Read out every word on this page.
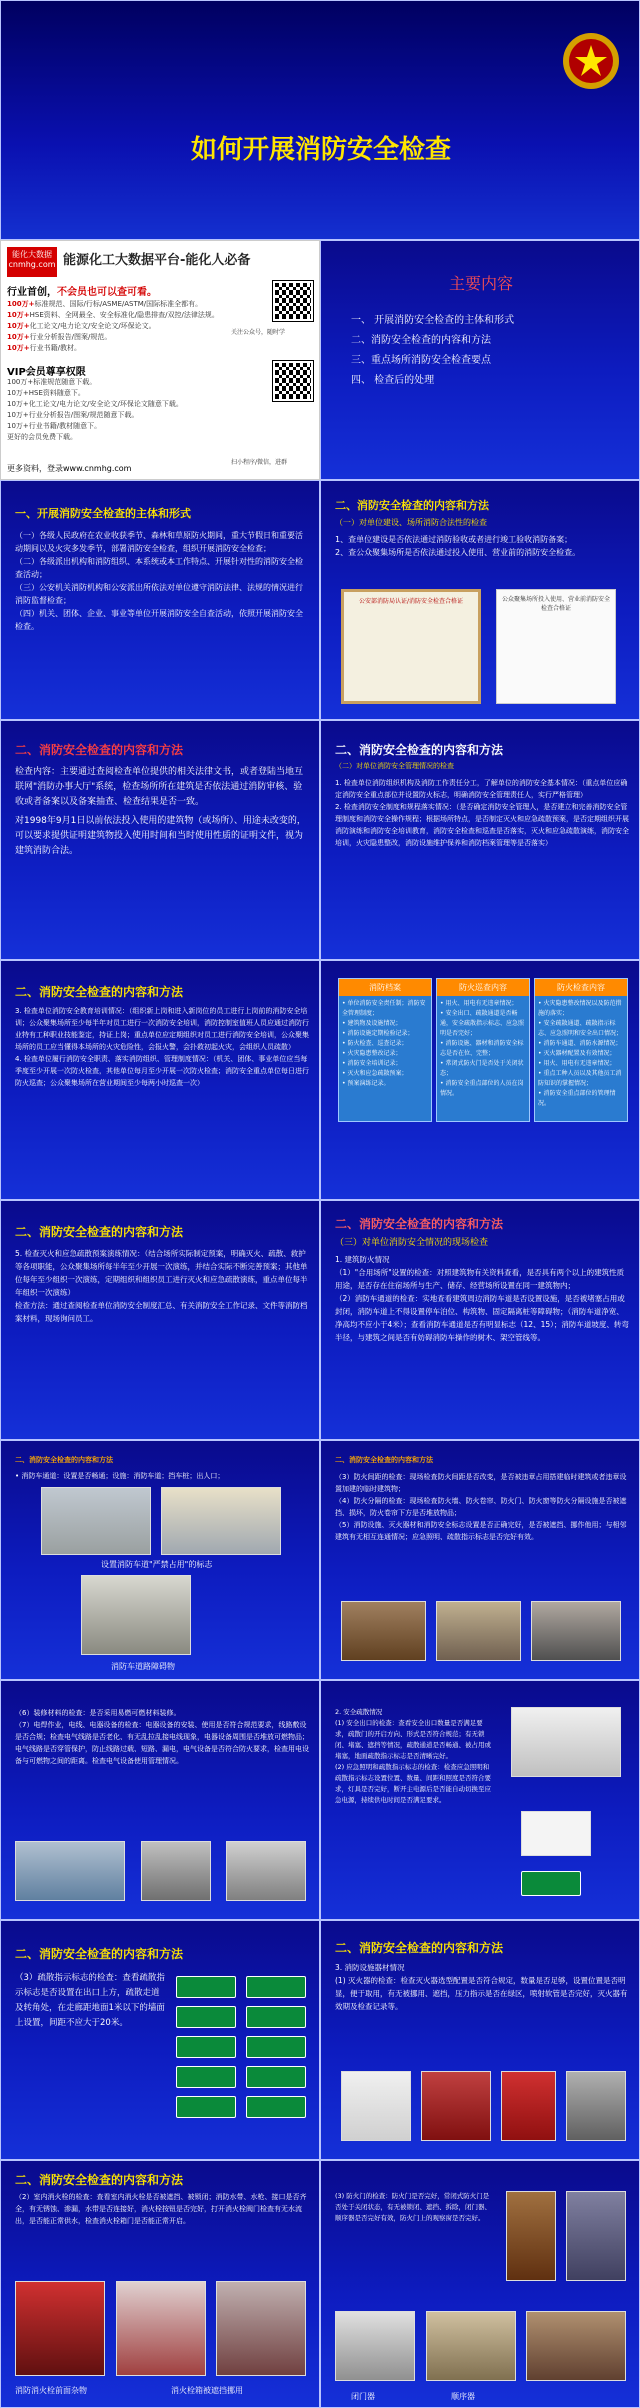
如何开展消防安全检查
能化大数据
cnmhg.com 能源化工大数据平台-能化人必备
行业首创，不会员也可以查可看。
100万+标准规范、国际/行标/ASME/ASTM/国际标准全都有。
10万+HSE资料、全网最全、安全标准化/隐患排查/双控/法律法规。
10万+化工论文/电力论文/安全论文/环保论文。
10万+行业分析报告/图案/规范。
10万+行业书籍/教材。
VIP会员尊享权限
100万+标准规范随意下载。
10万+HSE资料随意下。
10万+化工论文/电力论文/安全论文/环保论文随意下载。
10万+行业分析报告/图案/规范随意下载。
10万+行业书籍/教材随意下。
更好的会员免费下载。
关注公众号，随时学
扫小程序/微信，进群
更多资料，登录www.cnmhg.com
主要内容
一、 开展消防安全检查的主体和形式
二、消防安全检查的内容和方法
三、重点场所消防安全检查要点
四、 检查后的处理
一、开展消防安全检查的主体和形式

（一）各级人民政府在农业收获季节、森林和草原防火期间，重大节假日和重要活动期间以及火灾多发季节，部署消防安全检查，组织开展消防安全检查；

（二）各级派出机构和消防组织、本系统或本工作特点、开展针对性的消防安全检查活动；

（三）公安机关消防机构和公安派出所依法对单位遵守消防法律、法规的情况进行消防监督检查；

（四）机关、团体、企业、事业等单位开展消防安全自查活动，依照开展消防安全检查。

二、消防安全检查的内容和方法
（一）对单位建设、场所消防合法性的检查

1、查单位建设是否依法通过消防验收或者进行竣工验收消防备案；

2、查公众聚集场所是否依法通过投入使用、营业前的消防安全检查。

公安部消防局认证/消防安全检查合格证	公众聚集场所投入使用、营业前消防安全检查合格证
二、消防安全检查的内容和方法

检查内容：主要通过查阅检查单位提供的相关法律文书，或者登陆当地互联网"消防办事大厅"系统，检查场所所在建筑是否依法通过消防审核、验收或者备案以及备案抽查、检查结果是否一致。

对1998年9月1日以前依法投入使用的建筑物（或场所）、用途未改变的，可以要求提供证明建筑物投入使用时间和当时使用性质的证明文件，视为建筑消防合法。

二、消防安全检查的内容和方法
（二）对单位消防安全管理情况的检查

1. 检查单位消防组织机构及消防工作责任分工，了解单位的消防安全基本情况：（重点单位应确定消防安全重点部位并设置防火标志，明确消防安全管理责任人，实行严格管理）

2. 检查消防安全制度和规程落实情况：（是否确定消防安全管理人，是否建立和完善消防安全管理制度和消防安全操作规程；根据场所特点，是否制定灭火和应急疏散预案，是否定期组织开展消防演练和消防安全培训教育，消防安全检查和巡查是否落实，灭火和应急疏散演练，消防安全培训，火灾隐患整改，消防设施维护保养和消防档案管理等是否落实）

二、消防安全检查的内容和方法

3. 检查单位消防安全教育培训情况：（组织新上岗和进入新岗位的员工进行上岗前的消防安全培训；公众聚集场所至少每半年对员工进行一次消防安全培训，消防控制室值班人员应通过消防行业特有工种职业技能鉴定，持证上岗；重点单位应定期组织对员工进行消防安全培训，公众聚集场所的员工应当懂得本场所的火灾危险性，会报火警，会扑救初起火灾，会组织人员疏散）

4. 检查单位履行消防安全职责、落实消防组织、管理制度情况：（机关、团体、事业单位应当每季度至少开展一次防火检查，其他单位每月至少开展一次防火检查；消防安全重点单位每日进行防火巡查；公众聚集场所在营业期间至少每两小时巡查一次）

消防档案
• 单位消防安全责任制；消防安全管理制度；
• 建筑物及设施情况；
• 消防设施定期检验记录；
• 防火检查、巡查记录；
• 火灾隐患整改记录；
• 消防安全培训记录；
• 灭火和应急疏散预案；
• 预案演练记录。
防火巡查内容
• 用火、用电有无违章情况；
• 安全出口、疏散通道是否畅通，安全疏散指示标志、应急照明是否完好；
• 消防设施、器材和消防安全标志是否在位、完整；
• 常闭式防火门是否处于关闭状态；
• 消防安全重点部位的人员在岗情况。
防火检查内容
• 火灾隐患整改情况以及防范措施的落实；
• 安全疏散通道、疏散指示标志、应急照明和安全出口情况；
• 消防车通道、消防水源情况；
• 灭火器材配置及有效情况；
• 用火、用电有无违章情况；
• 重点工种人员以及其他员工消防知识的掌握情况；
• 消防安全重点部位的管理情况。
二、消防安全检查的内容和方法

5. 检查灭火和应急疏散预案演练情况：（结合场所实际制定预案，明确灭火、疏散、救护等各项职能，公众聚集场所每半年至少开展一次演练，并结合实际不断完善预案；其他单位每年至少组织一次演练，定期组织和组织员工进行灭火和应急疏散演练，重点单位每半年组织一次演练）

检查方法：通过查阅检查单位消防安全制度汇总、有关消防安全工作记录、文件等消防档案材料，现场询问员工。

二、消防安全检查的内容和方法
（三）对单位消防安全情况的现场检查

1. 建筑防火情况

（1）"合用场所"设置的检查：对照建筑物有关资料查看，是否具有两个以上的建筑性质用途，是否存在住宿场所与生产、储存、经营场所设置在同一建筑物内；

（2）消防车通道的检查：实地查看建筑周边消防车道是否设置设施，是否被堵塞占用或封闭，消防车道上不得设置停车泊位、构筑物、固定隔离桩等障碍物；（消防车道净宽、净高均不应小于4米）；查看消防车通道是否有明显标志（12、15）；消防车道坡度、转弯半径，与建筑之间是否有妨碍消防车操作的树木、架空管线等。

二、消防安全检查的内容和方法
• 消防车通道：设置是否畅通；设施：消防车道；挡车桩；出人口；
设置消防车道"严禁占用"的标志
消防车道路障碍物
二、消防安全检查的内容和方法

（3）防火间距的检查：现场检查防火间距是否改变，是否被违章占用搭建临时建筑或者违章设置加建的临时建筑物；

（4）防火分隔的检查：现场检查防火墙、防火卷帘、防火门、防火窗等防火分隔设施是否被遮挡、损坏，防火卷帘下方是否堆放物品；

（5）消防设施、灭火器材和消防安全标志设置是否正确完好，是否被遮挡、挪作他用；与相邻建筑有无相互连通情况；应急照明、疏散指示标志是否完好有效。

（6）装修材料的检查：是否采用易燃可燃材料装修。

（7）电焊作业，电线、电器设备的检查：电器设备的安装、使用是否符合规范要求，线路敷设是否合规；检查电气线路是否老化、有无乱拉乱接电线现象，电器设备周围是否堆放可燃物品；电气线路是否穿管保护，防止线路过载、短路、漏电，电气设备是否符合防火要求，检查用电设备与可燃物之间的距离。检查电气设备使用管理情况。

2. 安全疏散情况

(1) 安全出口的检查：查看安全出口数量是否满足要求，疏散门的开启方向、形式是否符合规范；有无锁闭、堵塞、遮挡等情况，疏散通道是否畅通、被占用或堵塞，地面疏散指示标志是否清晰完好。

(2) 应急照明和疏散指示标志的检查：检查应急照明和疏散指示标志设置位置、数量、间距和照度是否符合要求，灯具是否完好，断开主电源后是否能自动切换至应急电源，持续供电时间是否满足要求。

二、消防安全检查的内容和方法
（3）疏散指示标志的检查：查看疏散指示标志是否设置在出口上方，疏散走道及转角处，在走廊距地面1米以下的墙面上设置，间距不应大于20米。
二、消防安全检查的内容和方法

3. 消防设施器材情况

(1) 灭火器的检查：检查灭火器选型配置是否符合规定，数量是否足够，设置位置是否明显，便于取用，有无被挪用、遮挡，压力指示是否在绿区，喷射软管是否完好，灭火器有效期及检查记录等。

二、消防安全检查的内容和方法
（2）室内消火栓的检查：查看室内消火栓是否被遮挡、被锁闭；消防水带、水枪、接口是否齐全，有无锈蚀、渗漏，水带是否连接好，消火栓按钮是否完好，打开消火栓阀门检查有无水流出，是否能正常供水，检查消火栓箱门是否能正常开启。
消防消火栓前面杂物	消火栓箱被遮挡挪用
(3) 防火门的检查：防火门是否完好，常闭式防火门是否处于关闭状态，有无被锁闭、遮挡、拆除，闭门器、顺序器是否完好有效，防火门上的观察窗是否完好。
闭门器	顺序器
